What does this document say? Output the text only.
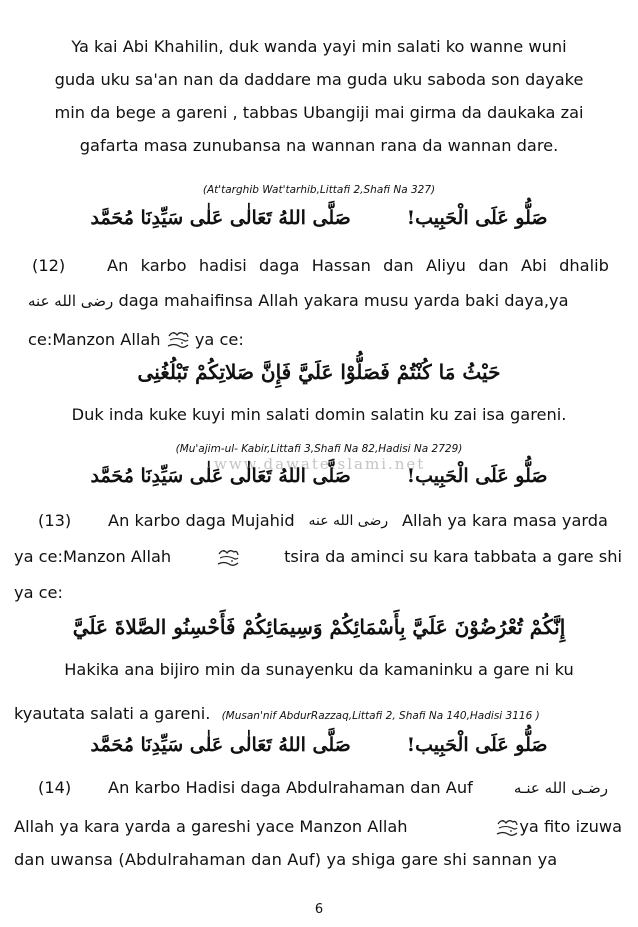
Ya kai Abi Khahilin, duk wanda yayi min salati ko wanne wuni
guda uku sa'an nan da daddare ma guda uku saboda son dayake
min da bege a gareni , tabbas Ubangiji mai girma da daukaka zai
gafarta masa zunubansa na wannan rana da wannan dare.
(At'targhib Wat'tarhib,Littafi 2,Shafi Na 327)
صَلُّو عَلَى الْحَبِيب!صَلَّى اللهُ تَعَالٰى عَلٰى سَيِّدِنَا مُحَمَّد
(12)	An karbo hadisi daga Hassan dan Aliyu dan Abi dhalib
رضى الله عنه daga mahaifinsa Allah yakara musu yarda baki daya,ya
ce:Manzon Allah ya ce:
حَيْثُ مَا كُنْتُمْ فَصَلُّوْا عَلَيَّ فَإِنَّ صَلاتِكُمْ تَبْلُغُنِى
Duk inda kuke kuyi min salati domin salatin ku zai isa gareni.
(Mu'ajim-ul- Kabir,Littafi 3,Shafi Na 82,Hadisi Na 2729)
www.dawateislami.net
صَلُّو عَلَى الْحَبِيب!صَلَّى اللهُ تَعَالٰى عَلٰى سَيِّدِنَا مُحَمَّد
(13) An karbo daga Mujahid رضى الله عنه Allah ya kara masa yarda
ya ce:Manzon Allah	tsira da aminci su kara tabbata a gare shi
ya ce:
إِنَّكُمْ تُعْرُضُوْنَ عَلَيَّ بِأَسْمَائِكُمْ وَسِيمَائِكُمْ فَأَحْسِنُو الصَّلاةَ عَلَيَّ
Hakika ana bijiro min da sunayenku da kamaninku a gare ni ku
kyautata salati a gareni. (Musan'nif AbdurRazzaq,Littafi 2, Shafi Na 140,Hadisi 3116 )
صَلُّو عَلَى الْحَبِيب!صَلَّى اللهُ تَعَالٰى عَلٰى سَيِّدِنَا مُحَمَّد
(14) An karbo Hadisi daga Abdulrahaman dan Auf	رضـى الله عنـه
Allah ya kara yarda a gareshi yace Manzon Allah	ya fito izuwa
dan uwansa (Abdulrahaman dan Auf) ya shiga gare shi sannan ya
6
